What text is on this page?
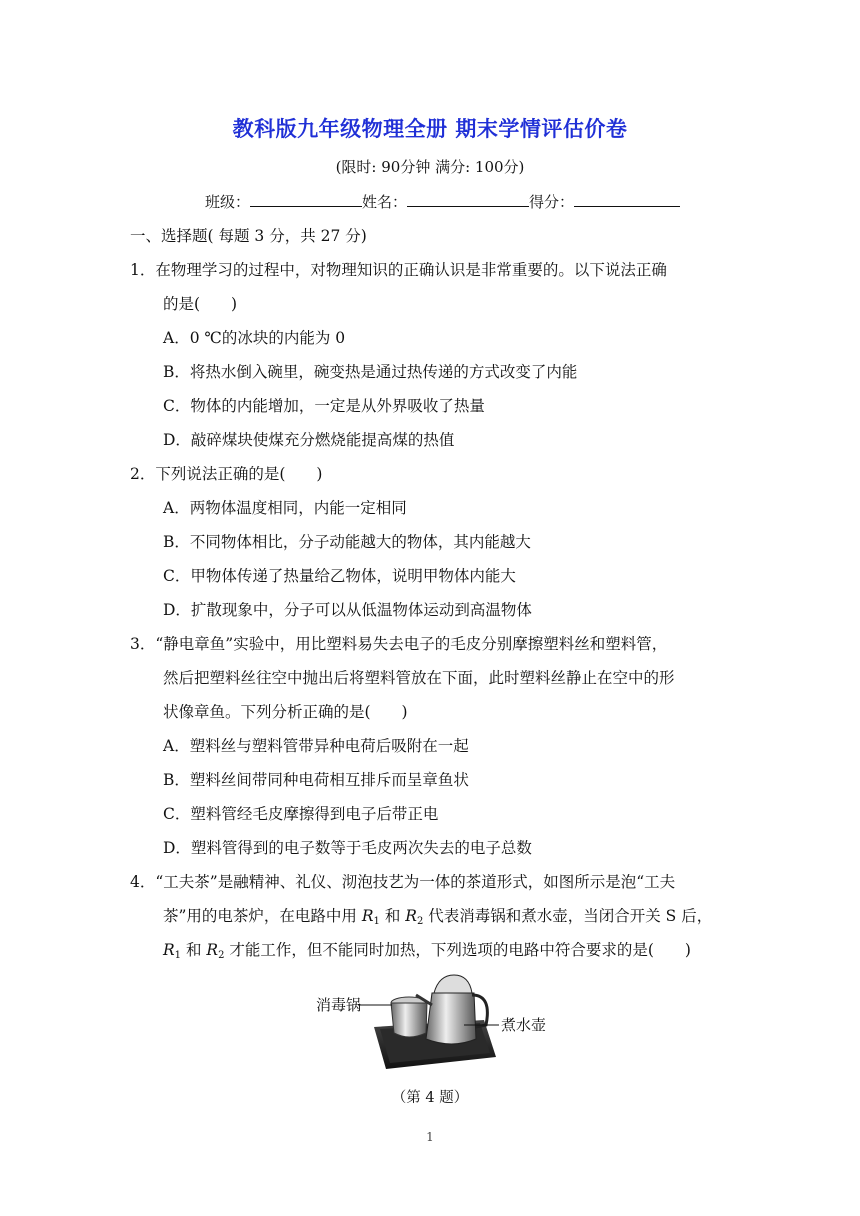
教科版九年级物理全册 期末学情评估价卷
(限时: 90分钟 满分: 100分)
班级：	姓名：	得分：
一、选择题( 每题 3 分，共 27 分)
1．在物理学习的过程中，对物理知识的正确认识是非常重要的。以下说法正确
的是(　　)
A．0 ℃的冰块的内能为 0
B．将热水倒入碗里，碗变热是通过热传递的方式改变了内能
C．物体的内能增加，一定是从外界吸收了热量
D．敲碎煤块使煤充分燃烧能提高煤的热值
2．下列说法正确的是(　　)
A．两物体温度相同，内能一定相同
B．不同物体相比，分子动能越大的物体，其内能越大
C．甲物体传递了热量给乙物体，说明甲物体内能大
D．扩散现象中，分子可以从低温物体运动到高温物体
3．“静电章鱼”实验中，用比塑料易失去电子的毛皮分别摩擦塑料丝和塑料管，
然后把塑料丝往空中抛出后将塑料管放在下面，此时塑料丝静止在空中的形
状像章鱼。下列分析正确的是(　　)
A．塑料丝与塑料管带异种电荷后吸附在一起
B．塑料丝间带同种电荷相互排斥而呈章鱼状
C．塑料管经毛皮摩擦得到电子后带正电
D．塑料管得到的电子数等于毛皮两次失去的电子总数
4．“工夫茶”是融精神、礼仪、沏泡技艺为一体的茶道形式，如图所示是泡“工夫
茶”用的电茶炉，在电路中用 $R_1$ 和 $R_2$ 代表消毒锅和煮水壶，当闭合开关 S 后，
$R_1$ 和 $R_2$ 才能工作，但不能同时加热，下列选项的电路中符合要求的是(　　)
消毒锅
煮水壶
（第 4 题）
1
